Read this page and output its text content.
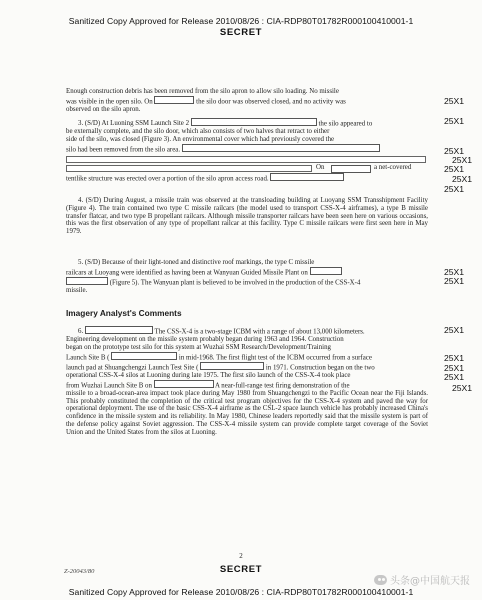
Sanitized Copy Approved for Release 2010/08/26 : CIA-RDP80T01782R000100410001-1
SECRET
Enough construction debris has been removed from the silo apron to allow silo loading. No missile
was visible in the open silo. On	the silo door was observed closed, and no activity was
observed on the silo apron.
25X1
3. (S/D) At Luoning SSM Launch Site 2	the silo appeared to
be externally complete, and the silo door, which also consists of two halves that retract to either
side of the silo, was closed (Figure 3). An environmental cover which had previously covered the
silo had been removed from the silo area.
25X1
25X1
25X1
On	a net-covered	25X1
tentlike structure was erected over a portion of the silo apron access road.	25X1
25X1
4. (S/D) During August, a missile train was observed at the transloading building at Luoyang SSM Transshipment Facility (Figure 4). The train contained two type C missile railcars (the model used to transport CSS-X-4 airframes), a type B missile transfer flatcar, and two type B propellant railcars. Although missile transporter railcars have been seen here on various occasions, this was the first observation of any type of propellant railcar at this facility. Type C missile railcars were first seen here in May 1979.
5. (S/D) Because of their light-toned and distinctive roof markings, the type C missile
railcars at Luoyang were identified as having been at Wanyuan Guided Missile Plant on
(Figure 5). The Wanyuan plant is believed to be involved in the production of the CSS-X-4
missile.
25X1
25X1
Imagery Analyst's Comments
6.	The CSS-X-4 is a two-stage ICBM with a range of about 13,000 kilometers.
Engineering development on the missile system probably began during 1963 and 1964. Construction
began on the prototype test silo for this system at Wuzhai SSM Research/Development/Training
Launch Site B (	in mid-1968. The first flight test of the ICBM occurred from a surface
launch pad at Shuangchengzi Launch Test Site (	in 1971. Construction began on the two
operational CSS-X-4 silos at Luoning during late 1975. The first silo launch of the CSS-X-4 took place
from Wuzhai Launch Site B on	A near-full-range test firing demonstration of the
missile to a broad-ocean-area impact took place during May 1980 from Shuangchengzi to the Pacific Ocean near the Fiji Islands. This probably constituted the completion of the critical test program objectives for the CSS-X-4 system and paved the way for operational deployment. The use of the basic CSS-X-4 airframe as the CSL-2 space launch vehicle has probably increased China's confidence in the missile system and its reliability. In May 1980, Chinese leaders reportedly said that the missile system is part of the defense policy against Soviet aggression. The CSS-X-4 missile system can provide complete target coverage of the Soviet Union and the United States from the silos at Luoning.
25X1
25X1
25X1
25X1
25X1
2
Z-20043/80	SECRET
头条@中国航天报
Sanitized Copy Approved for Release 2010/08/26 : CIA-RDP80T01782R000100410001-1
